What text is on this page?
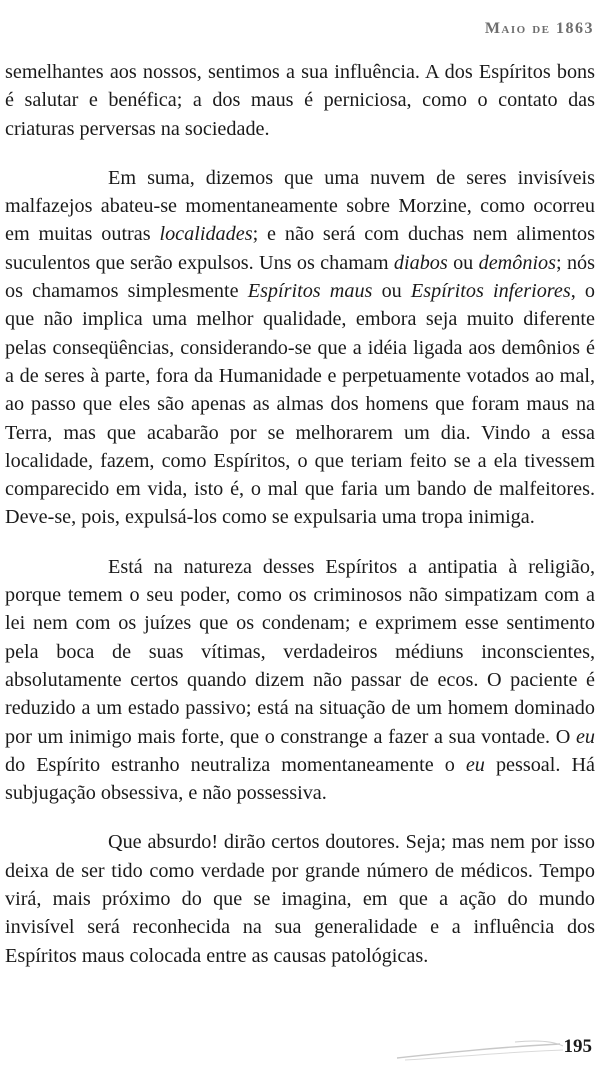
Maio de 1863

semelhantes aos nossos, sentimos a sua influência. A dos Espíritos bons é salutar e benéfica; a dos maus é perniciosa, como o contato das criaturas perversas na sociedade.

Em suma, dizemos que uma nuvem de seres invisíveis malfazejos abateu-se momentaneamente sobre Morzine, como ocorreu em muitas outras localidades; e não será com duchas nem alimentos suculentos que serão expulsos. Uns os chamam diabos ou demônios; nós os chamamos simplesmente Espíritos maus ou Espíritos inferiores, o que não implica uma melhor qualidade, embora seja muito diferente pelas conseqüências, considerando-se que a idéia ligada aos demônios é a de seres à parte, fora da Humanidade e perpetuamente votados ao mal, ao passo que eles são apenas as almas dos homens que foram maus na Terra, mas que acabarão por se melhorarem um dia. Vindo a essa localidade, fazem, como Espíritos, o que teriam feito se a ela tivessem comparecido em vida, isto é, o mal que faria um bando de malfeitores. Deve-se, pois, expulsá-los como se expulsaria uma tropa inimiga.

Está na natureza desses Espíritos a antipatia à religião, porque temem o seu poder, como os criminosos não simpatizam com a lei nem com os juízes que os condenam; e exprimem esse sentimento pela boca de suas vítimas, verdadeiros médiuns inconscientes, absolutamente certos quando dizem não passar de ecos. O paciente é reduzido a um estado passivo; está na situação de um homem dominado por um inimigo mais forte, que o constrange a fazer a sua vontade. O eu do Espírito estranho neutraliza momentaneamente o eu pessoal. Há subjugação obsessiva, e não possessiva.

Que absurdo! dirão certos doutores. Seja; mas nem por isso deixa de ser tido como verdade por grande número de médicos. Tempo virá, mais próximo do que se imagina, em que a ação do mundo invisível será reconhecida na sua generalidade e a influência dos Espíritos maus colocada entre as causas patológicas.

195
